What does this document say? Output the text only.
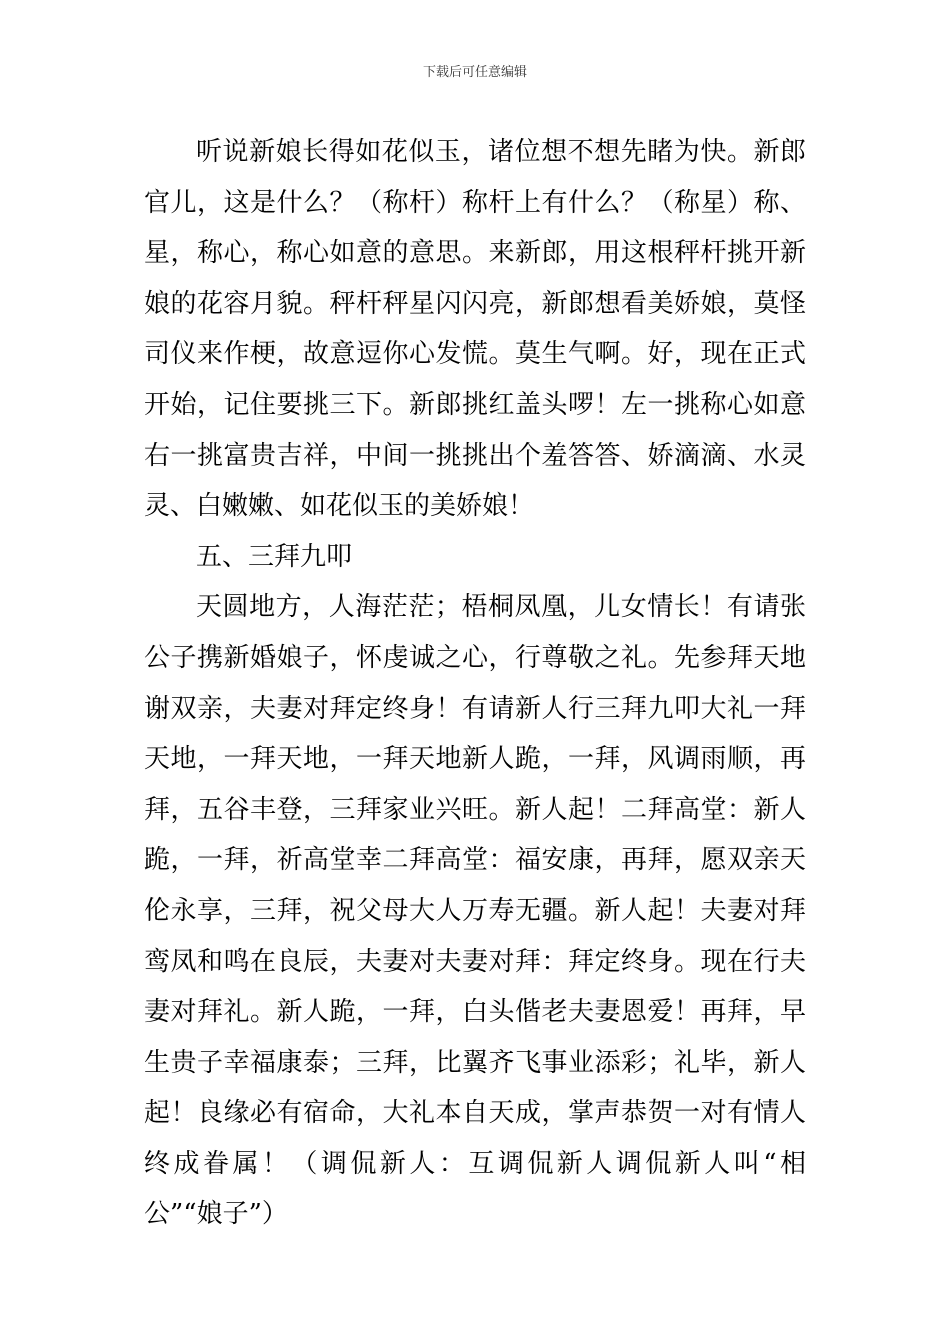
下载后可任意编辑

听说新娘长得如花似玉，诸位想不想先睹为快。新郎官儿，这是什么？（称杆）称杆上有什么？（称星）称、星，称心，称心如意的意思。来新郎，用这根秤杆挑开新娘的花容月貌。秤杆秤星闪闪亮，新郎想看美娇娘，莫怪司仪来作梗，故意逗你心发慌。莫生气啊。好，现在正式开始，记住要挑三下。新郎挑红盖头啰！左一挑称心如意右一挑富贵吉祥，中间一挑挑出个羞答答、娇滴滴、水灵灵、白嫩嫩、如花似玉的美娇娘！

五、三拜九叩

天圆地方，人海茫茫；梧桐凤凰，儿女情长！有请张公子携新婚娘子，怀虔诚之心，行尊敬之礼。先参拜天地谢双亲，夫妻对拜定终身！有请新人行三拜九叩大礼一拜天地，一拜天地，一拜天地新人跪，一拜，风调雨顺，再拜，五谷丰登，三拜家业兴旺。新人起！二拜高堂：新人跪，一拜，祈高堂幸二拜高堂：福安康，再拜，愿双亲天伦永享，三拜，祝父母大人万寿无疆。新人起！夫妻对拜鸾凤和鸣在良辰，夫妻对夫妻对拜：拜定终身。现在行夫妻对拜礼。新人跪，一拜，白头偕老夫妻恩爱！再拜，早生贵子幸福康泰；三拜，比翼齐飞事业添彩；礼毕，新人起！良缘必有宿命，大礼本自天成，掌声恭贺一对有情人终成眷属！（调侃新人：互调侃新人调侃新人叫“相公”“娘子”）
